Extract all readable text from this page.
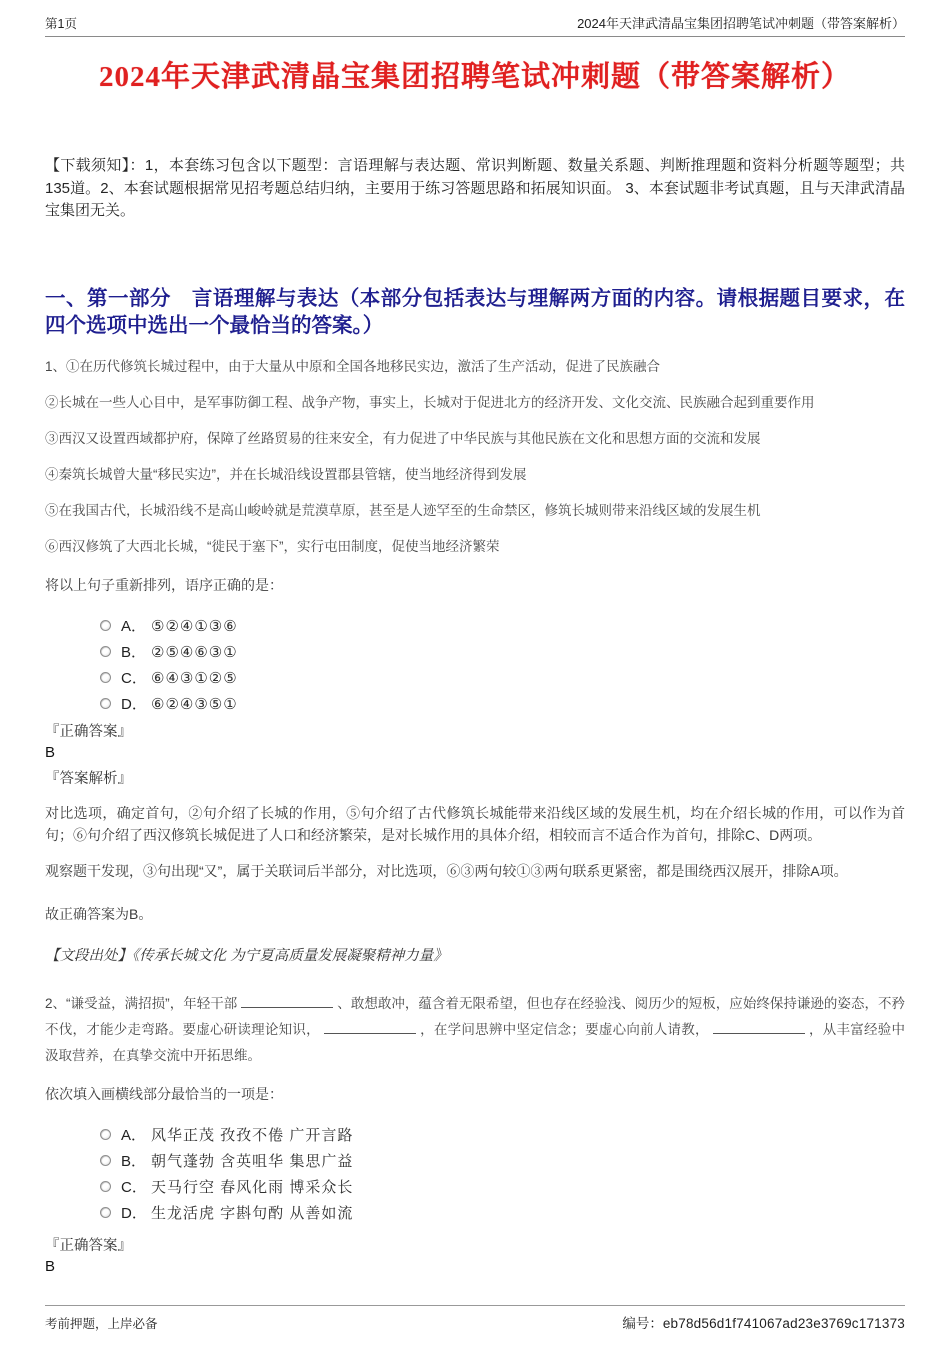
第1页	2024年天津武清晶宝集团招聘笔试冲刺题（带答案解析）
2024年天津武清晶宝集团招聘笔试冲刺题（带答案解析）

【下载须知】：1，本套练习包含以下题型：言语理解与表达题、常识判断题、数量关系题、判断推理题和资料分析题等题型；共135道。2、本套试题根据常见招考题总结归纳，主要用于练习答题思路和拓展知识面。 3、本套试题非考试真题，且与天津武清晶宝集团无关。

一、第一部分　言语理解与表达（本部分包括表达与理解两方面的内容。请根据题目要求，在四个选项中选出一个最恰当的答案。）

1、①在历代修筑长城过程中，由于大量从中原和全国各地移民实边，激活了生产活动，促进了民族融合

②长城在一些人心目中，是军事防御工程、战争产物，事实上，长城对于促进北方的经济开发、文化交流、民族融合起到重要作用

③西汉又设置西域都护府，保障了丝路贸易的往来安全，有力促进了中华民族与其他民族在文化和思想方面的交流和发展

④秦筑长城曾大量“移民实边”，并在长城沿线设置郡县管辖，使当地经济得到发展

⑤在我国古代，长城沿线不是高山峻岭就是荒漠草原，甚至是人迹罕至的生命禁区，修筑长城则带来沿线区域的发展生机

⑥西汉修筑了大西北长城，“徙民于塞下”，实行屯田制度，促使当地经济繁荣

将以上句子重新排列，语序正确的是：

A． ⑤②④①③⑥
B． ②⑤④⑥③①
C． ⑥④③①②⑤
D． ⑥②④③⑤①
『正确答案』
B
『答案解析』

对比选项，确定首句，②句介绍了长城的作用，⑤句介绍了古代修筑长城能带来沿线区域的发展生机，均在介绍长城的作用，可以作为首句；⑥句介绍了西汉修筑长城促进了人口和经济繁荣，是对长城作用的具体介绍，相较而言不适合作为首句，排除C、D两项。

观察题干发现，③句出现“又”，属于关联词后半部分，对比选项，⑥③两句较①③两句联系更紧密，都是围绕西汉展开，排除A项。

故正确答案为B。

【文段出处】《传承长城文化 为宁夏高质量发展凝聚精神力量》

2、“谦受益，满招损”，年轻干部	、敢想敢冲，蕴含着无限希望，但也存在经验浅、阅历少的短板，应始终保持谦逊的姿态，不矜不伐，才能少走弯路。要虚心研读理论知识，	，在学问思辨中坚定信念；要虚心向前人请教，	，从丰富经验中汲取营养，在真挚交流中开拓思维。

依次填入画横线部分最恰当的一项是：

A． 风华正茂 孜孜不倦 广开言路
B． 朝气蓬勃 含英咀华 集思广益
C． 天马行空 春风化雨 博采众长
D． 生龙活虎 字斟句酌 从善如流
『正确答案』
B
考前押题，上岸必备	编号：eb78d56d1f741067ad23e3769c171373
